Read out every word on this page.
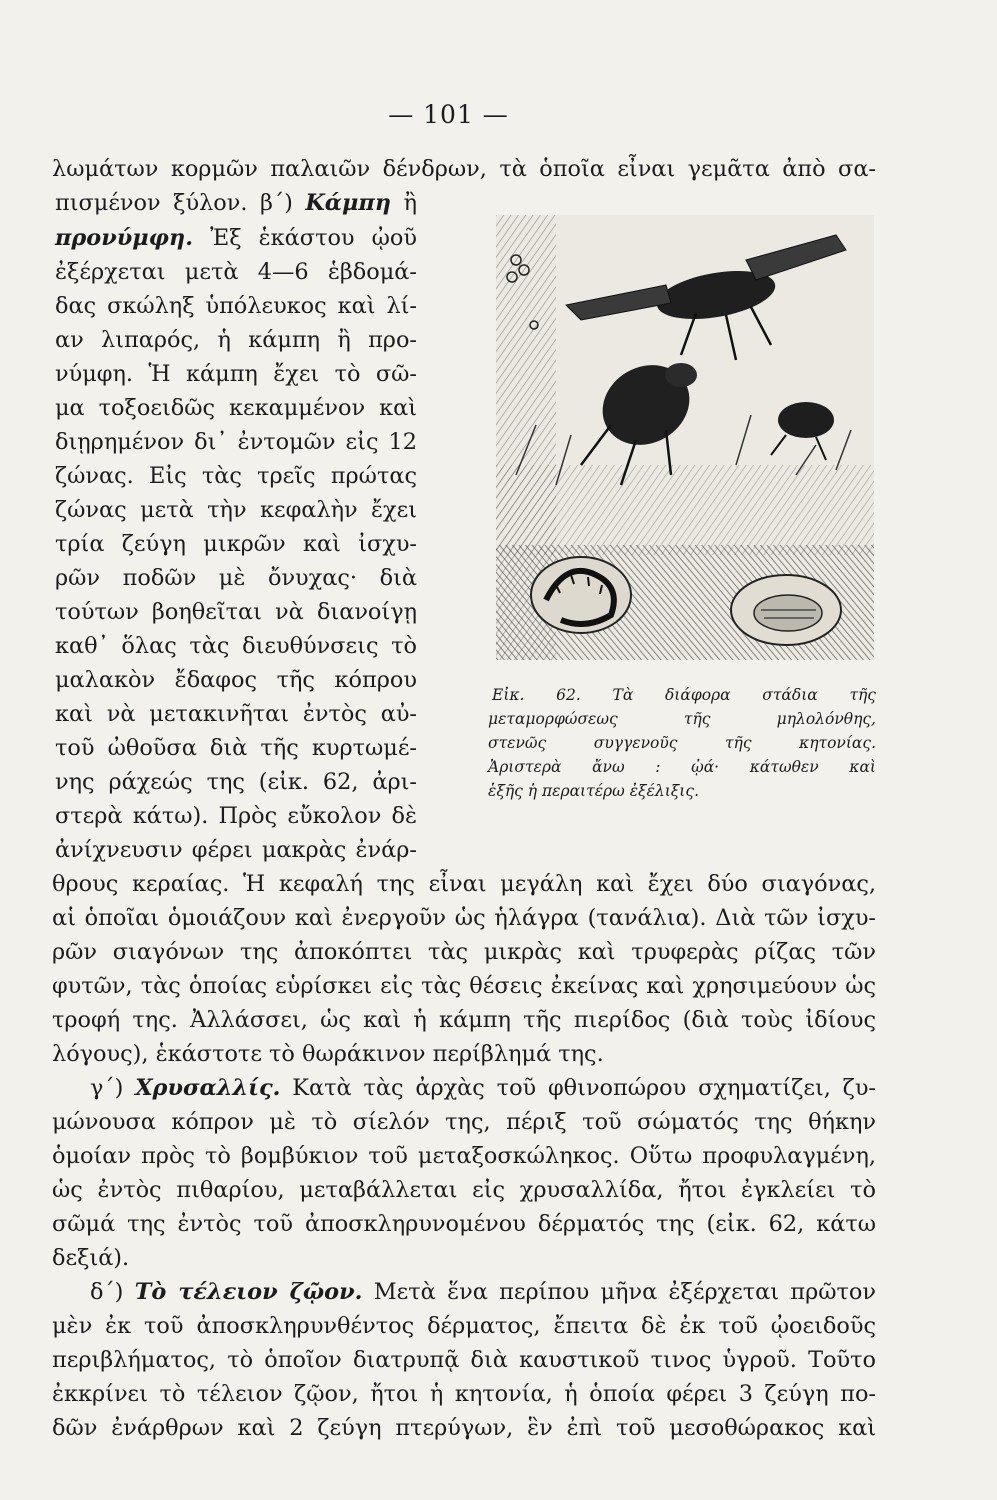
— 101 —

λωμάτων κορμῶν παλαιῶν δένδρων, τὰ ὁποῖα εἶναι γεμᾶτα ἀπὸ σα-

πισμένον ξύλον. β΄) Κάμπη ἢ

προνύμφη. Ἐξ ἑκάστου ᾠοῦ

ἐξέρχεται μετὰ 4—6 ἑβδομά-

δας σκώληξ ὑπόλευκος καὶ λί-

αν λιπαρός, ἡ κάμπη ἢ προ-

νύμφη. Ἡ κάμπη ἔχει τὸ σῶ-

μα τοξοειδῶς κεκαμμένον καὶ

διῃρημένον δι᾽ ἐντομῶν εἰς 12

ζώνας. Εἰς τὰς τρεῖς πρώτας

ζώνας μετὰ τὴν κεφαλὴν ἔχει

τρία ζεύγη μικρῶν καὶ ἰσχυ-

ρῶν ποδῶν μὲ ὄνυχας· διὰ

τούτων βοηθεῖται νὰ διανοίγῃ

καθ᾽ ὅλας τὰς διευθύνσεις τὸ

μαλακὸν ἔδαφος τῆς κόπρου

καὶ νὰ μετακινῆται ἐντὸς αὐ-

τοῦ ὠθοῦσα διὰ τῆς κυρτωμέ-

νης ράχεώς της (εἰκ. 62, ἀρι-

στερὰ κάτω). Πρὸς εὔκολον δὲ

ἀνίχνευσιν φέρει μακρὰς ἐνάρ-

θρους κεραίας. Ἡ κεφαλή της εἶναι μεγάλη καὶ ἔχει δύο σιαγόνας,

αἱ ὁποῖαι ὁμοιάζουν καὶ ἐνεργοῦν ὡς ἡλάγρα (τανάλια). Διὰ τῶν ἰσχυ-

ρῶν σιαγόνων της ἀποκόπτει τὰς μικρὰς καὶ τρυφερὰς ρίζας τῶν

φυτῶν, τὰς ὁποίας εὑρίσκει εἰς τὰς θέσεις ἐκείνας καὶ χρησιμεύουν ὡς

τροφή της. Ἀλλάσσει, ὡς καὶ ἡ κάμπη τῆς πιερίδος (διὰ τοὺς ἰδίους

λόγους), ἑκάστοτε τὸ θωράκινον περίβλημά της.

γ΄) Χρυσαλλίς. Κατὰ τὰς ἀρχὰς τοῦ φθινοπώρου σχηματίζει, ζυ-

μώνουσα κόπρον μὲ τὸ σίελόν της, πέριξ τοῦ σώματός της θήκην

ὁμοίαν πρὸς τὸ βομβύκιον τοῦ μεταξοσκώληκος. Οὕτω προφυλαγμένη,

ὡς ἐντὸς πιθαρίου, μεταβάλλεται εἰς χρυσαλλίδα, ἤτοι ἐγκλείει τὸ

σῶμά της ἐντὸς τοῦ ἀποσκληρυνομένου δέρματός της (εἰκ. 62, κάτω

δεξιά).

δ΄) Τὸ τέλειον ζῷον. Μετὰ ἕνα περίπου μῆνα ἐξέρχεται πρῶτον

μὲν ἐκ τοῦ ἀποσκληρυνθέντος δέρματος, ἔπειτα δὲ ἐκ τοῦ ᾠοειδοῦς

περιβλήματος, τὸ ὁποῖον διατρυπᾷ διὰ καυστικοῦ τινος ὑγροῦ. Τοῦτο

ἐκκρίνει τὸ τέλειον ζῷον, ἤτοι ἡ κητονία, ἡ ὁποία φέρει 3 ζεύγη πο-

δῶν ἐνάρθρων καὶ 2 ζεύγη πτερύγων, ἓν ἐπὶ τοῦ μεσοθώρακος καὶ

Εἰκ. 62. Τὰ διάφορα στάδια τῆς

μεταμορφώσεως τῆς μηλολόνθης,

στενῶς συγγενοῦς τῆς κητονίας.

Ἀριστερὰ ἄνω : ᾠά· κάτωθεν καὶ

ἑξῆς ἡ περαιτέρω ἐξέλιξις.
